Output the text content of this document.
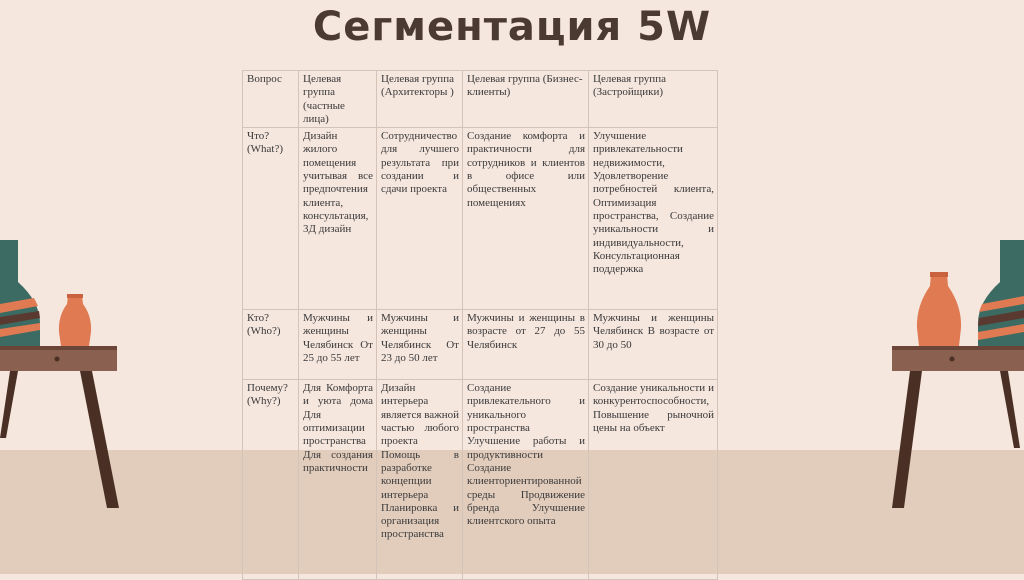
Сегментация 5W
Вопрос	Целевая группа (частные лица)	Целевая группа (Архитекторы )	Целевая группа (Бизнес-клиенты)	Целевая группа (Застройщики)
Что? (What?)	Дизайн жилого помещения учитывая все предпочтения клиента, консультация, 3Д дизайн	Сотрудничество для лучшего результата при создании и сдачи проекта	Создание комфорта и практичности для сотрудников и клиентов в офисе или общественных помещениях	Улучшение привлекательности недвижимости, Удовлетворение потребностей клиента, Оптимизация пространства, Создание уникальности и индивидуальности, Консультационная поддержка
Кто? (Who?)	Мужчины и женщины Челябинск От 25 до 55 лет	Мужчины и женщины Челябинск От 23 до 50 лет	Мужчины и женщины в возрасте от 27 до 55 Челябинск	Мужчины и женщины Челябинск В возрасте от 30 до 50
Почему? (Why?)	Для Комфорта и уюта дома Для оптимизации пространства Для создания практичности	Дизайн интерьера является важной частью любого проекта Помощь в разработке концепции интерьера Планировка и организация пространства	Создание привлекательного и уникального пространства Улучшение работы и продуктивности Создание клиенториентированной среды Продвижение бренда Улучшение клиентского опыта	Создание уникальности и конкурентоспособности, Повышение рыночной цены на объект
